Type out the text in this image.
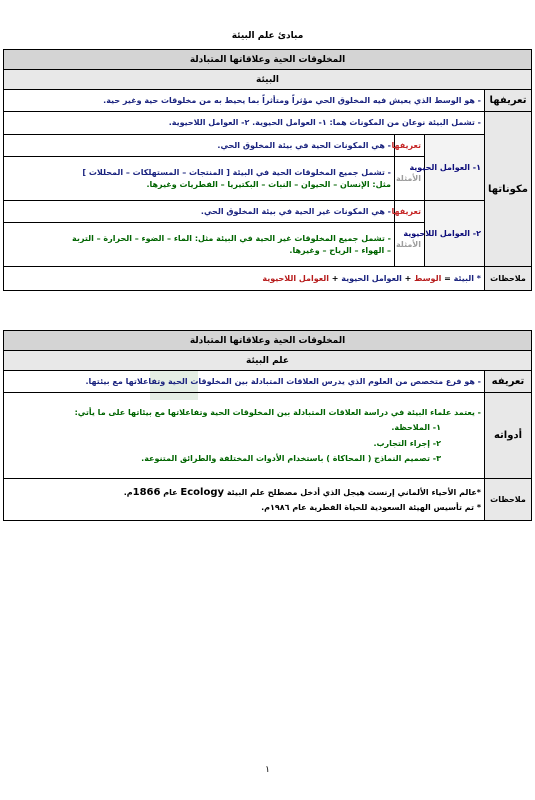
مبادئ علم البيئة
المخلوقات الحية وعلاقاتها المتبادلة			
البيئة			
تعريفها	- هو الوسط الذي يعيش فيه المخلوق الحي مؤثراً ومتأثراً بما يحيط به من مخلوقات حية وغير حية.		
مكوناتها	- تشمل البيئة نوعان من المكونات هما: ١- العوامل الحيوية. ٢- العوامل اللاحيوية.		
	١- العوامل الحيوية	تعريفها	- هي المكونات الحية في بيئة المخلوق الحي.
		الأمثلة	- تشمل جميع المخلوقات الحية في البيئة [ المنتجات – المستهلكات – المحللات ]
مثل: الإنسان – الحيوان – النبات – البكتيريا – الفطريات وغيرها.

	٢- العوامل اللاحيوية	تعريفها	- هي المكونات غير الحية في بيئة المخلوق الحي.
		الأمثلة	- تشمل جميع المخلوقات غير الحية في البيئة مثل: الماء – الضوء – الحرارة – التربة
– الهواء – الرياح – وغيرها.

ملاحظات	* البيئة = الوسط + العوامل الحيوية + العوامل اللاحيوية		
المخلوقات الحية وعلاقاتها المتبادلة	
علم البيئة	
تعريفه	- هو فرع متخصص من العلوم الذي يدرس العلاقات المتبادلة بين المخلوقات الحية وتفاعلاتها مع بيئتها.
أدواته	- يعتمد علماء البيئة في دراسة العلاقات المتبادلة بين المخلوقات الحية وتفاعلاتها مع بيئاتها على ما يأتي:
١- الملاحظة.
٢- إجراء التجارب.
٣- تصميم النماذج ( المحاكاة ) باستخدام الأدوات المختلفة والطرائق المتنوعة.

ملاحظات	*عالم الأحياء الألماني إرنست هيجل الذي أدخل مصطلح علم البيئة Ecology عام 1866م.
* تم تأسيس الهيئة السعودية للحياة الفطرية عام ١٩٨٦م.
١
